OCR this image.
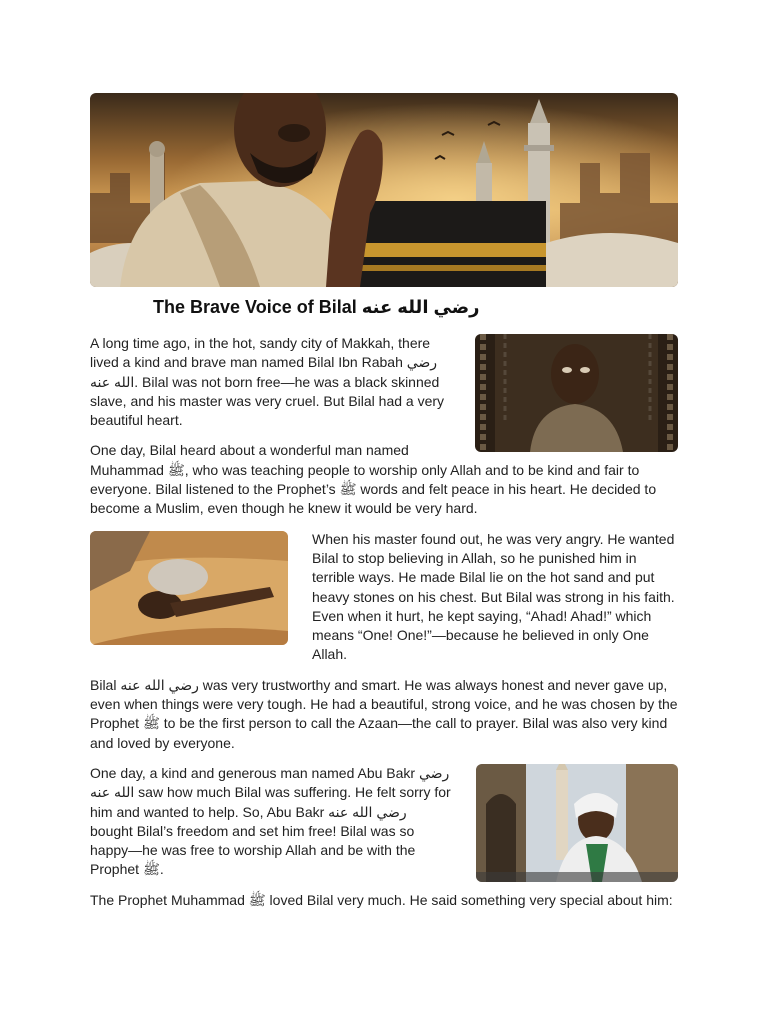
The Brave Voice of Bilal رضي الله عنه

A long time ago, in the hot, sandy city of Makkah, there lived a kind and brave man named Bilal Ibn Rabah رضي الله عنه. Bilal was not born free—he was a black skinned slave, and his master was very cruel. But Bilal had a very beautiful heart.

One day, Bilal heard about a wonderful man named Muhammad ﷺ, who was teaching people to worship only Allah and to be kind and fair to everyone. Bilal listened to the Prophet’s ﷺ words and felt peace in his heart. He decided to become a Muslim, even though he knew it would be very hard.

When his master found out, he was very angry. He wanted Bilal to stop believing in Allah, so he punished him in terrible ways. He made Bilal lie on the hot sand and put heavy stones on his chest. But Bilal was strong in his faith. Even when it hurt, he kept saying, “Ahad! Ahad!” which means “One! One!”—because he believed in only One Allah.

Bilal رضي الله عنه was very trustworthy and smart. He was always honest and never gave up, even when things were very tough. He had a beautiful, strong voice, and he was chosen by the Prophet ﷺ to be the first person to call the Azaan—the call to prayer. Bilal was also very kind and loved by everyone.

One day, a kind and generous man named Abu Bakr رضي الله عنه saw how much Bilal was suffering. He felt sorry for him and wanted to help. So, Abu Bakr رضي الله عنه bought Bilal’s freedom and set him free! Bilal was so happy—he was free to worship Allah and be with the Prophet ﷺ.

The Prophet Muhammad ﷺ loved Bilal very much. He said something very special about him:
